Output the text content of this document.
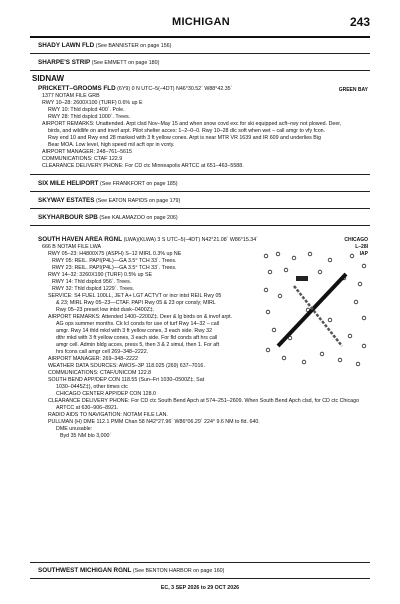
MICHIGAN	243
SHADY LAWN FLD (See BANNISTER on page 156)
SHARPE'S STRIP (See EMMETT on page 180)
SIDNAW
PRICKETT–GROOMS FLD (6Y9) 0 N UTC–5(–4DT) N46°30.52´ W88°42.35´	GREEN BAY
1377 NOTAM FILE GRB
RWY 10–28: 2600X100 (TURF) 0.6% up E
RWY 10: Thld dsplcd 400´. Pole.
RWY 28: Thld dsplcd 1000´. Trees.
AIRPORT REMARKS: Unattended. Arpt clsd Nov–May 15 and when snow covd exc for ski equipped acft–rwy not plowed. Deer,
birds, and wildlife on and invof arpt. Pilot shelter acces: 1–2–0–0. Rwy 10–28 dlc soft when wet – call amgr to vfy fcon.
Rwy end 10 and Rwy end 28 marked with 3 ft yellow cones. Arpt is near MTR VR 1639 and IR 609 and underlies Big
Bear MOA. Low level, high speed mil acft opr in vcnty.
AIRPORT MANAGER: 248–761–5615
COMMUNICATIONS: CTAF 122.9
CLEARANCE DELIVERY PHONE: For CD ctc Minneapolis ARTCC at 651–463–5588.
SIX MILE HELIPORT (See FRANKFORT on page 185)
SKYWAY ESTATES (See EATON RAPIDS on page 179)
SKYHARBOUR SPB (See KALAMAZOO on page 206)
SOUTH HAVEN AREA RGNL (LWA)(KLWA) 3 S UTC–5(–4DT) N42°21.08´ W86°15.34´	CHICAGO
L–28I
IAP
666 B NOTAM FILE LWA
RWY 05–23: H4800X75 (ASPH) S–12 MIRL 0.3% up NE
RWY 05: REIL. PAPI(P4L)—GA 3.5° TCH 33´. Trees.
RWY 23: REIL. PAPI(P4L)—GA 3.5° TCH 33´. Trees.
RWY 14–32: 3260X190 (TURF) 0.5% up SE
RWY 14: Thld dsplcd 956´. Trees.
RWY 32: Thld dsplcd 1229´. Trees.
SERVICE: S4 FUEL 100LL, JET A+ LGT ACTVT or incr intst REIL Rwy 05
& 23; MIRL Rwy 05–23—CTAF. PAPI Rwy 05 & 23 opr consly; MIRL
Rwy 05–23 preset low intst dusk–0400Z‡.
AIRPORT REMARKS: Attended 1400–2200Z‡. Deer & lg birds on & invof arpt.
AG ops summer months. Ck lcl conds for use of turf Rwy 14–32 – call
amgr. Rwy 14 thld mkd with 3 ft yellow cones, 3 each side. Rwy 32
dthr mkd with 3 ft yellow cones, 3 each side. For fld conds aft hrs call
amgr cell. Admin bldg acces, press 5, then 3 & 2 simul, then 1. For aft
hrs fcons call amgr cell 269–348–2222.
AIRPORT MANAGER: 269–348–2222
WEATHER DATA SOURCES: AWOS–3P 118.025 (269) 637–7016.
COMMUNICATIONS: CTAF/UNICOM 122.8
SOUTH BEND APP/DEP CON 118.55 (Sun–Fri 1030–0500Z‡, Sat
1030–0445Z‡), other times ctc
CHICAGO CENTER APP/DEP CON 128.0
CLEARANCE DELIVERY PHONE: For CD ctc South Bend Apch at 574–251–2609. When South Bend Apch clsd, for CD ctc Chicago
ARTCC at 630–906–8921.
RADIO AIDS TO NAVIGATION: NOTAM FILE LAN.
PULLMAN (H) DME 112.1 PMM Chan 58 N42°27.96´ W86°06.29´ 224° 9.6 NM to fld. 640.
DME unusable:
Byd 35 NM blo 3,000´
SOUTHWEST MICHIGAN RGNL (See BENTON HARBOR on page 160)
EC, 3 SEP 2026 to 29 OCT 2026
